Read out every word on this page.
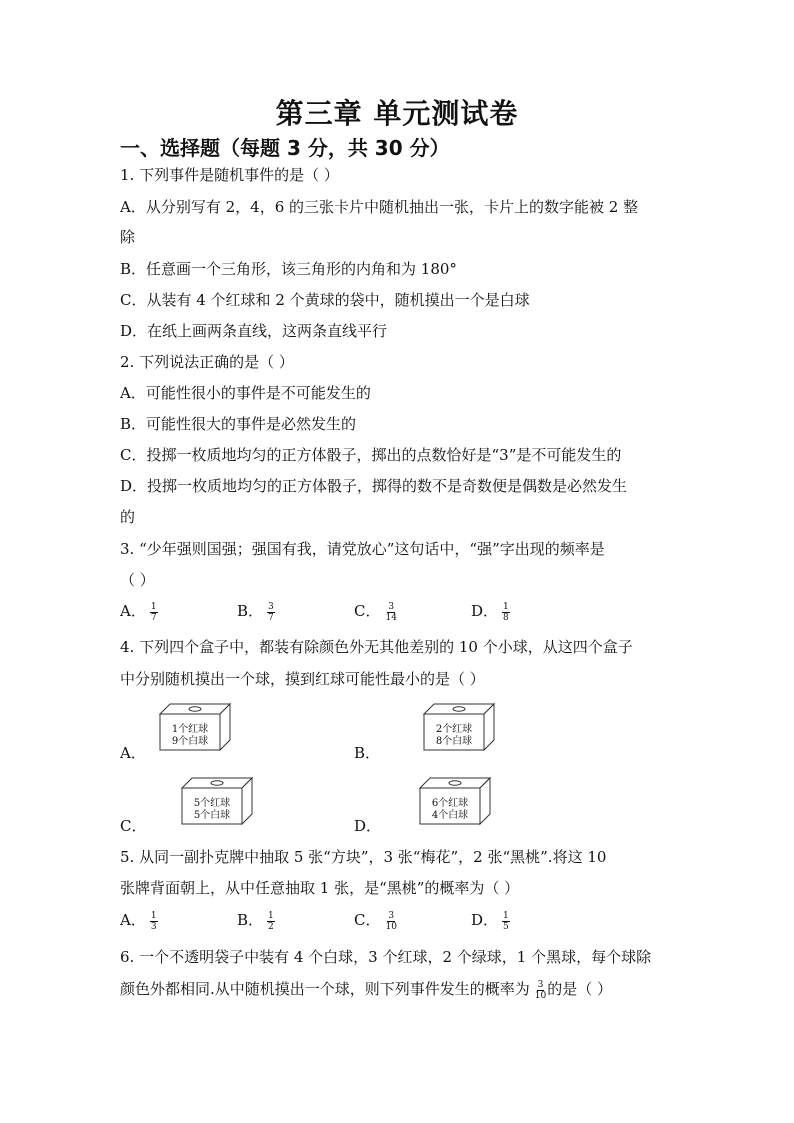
第三章 单元测试卷
一、选择题（每题 3 分，共 30 分）
1. 下列事件是随机事件的是（ ）
A．从分别写有 2，4，6 的三张卡片中随机抽出一张，卡片上的数字能被 2 整
除
B．任意画一个三角形，该三角形的内角和为 180°
C．从装有 4 个红球和 2 个黄球的袋中，随机摸出一个是白球
D．在纸上画两条直线，这两条直线平行
2. 下列说法正确的是（ ）
A．可能性很小的事件是不可能发生的
B．可能性很大的事件是必然发生的
C．投掷一枚质地均匀的正方体骰子，掷出的点数恰好是“3”是不可能发生的
D．投掷一枚质地均匀的正方体骰子，掷得的数不是奇数便是偶数是必然发生
的
3. “少年强则国强；强国有我，请党放心”这句话中，“强”字出现的频率是
（ ）
A． $\frac{1}{7}$	B． $\frac{3}{7}$	C． $\frac{3}{14}$	D． $\frac{1}{8}$
4. 下列四个盒子中，都装有除颜色外无其他差别的 10 个小球，从这四个盒子
中分别随机摸出一个球，摸到红球可能性最小的是（ ）
A．
1个红球
9个白球
B．
2个红球
8个白球
C．
5个红球
5个白球
D．
6个红球
4个白球
5. 从同一副扑克牌中抽取 5 张“方块”，3 张“梅花”，2 张“黑桃”.将这 10
张牌背面朝上，从中任意抽取 1 张，是“黑桃”的概率为（ ）
A． $\frac{1}{3}$	B． $\frac{1}{2}$	C． $\frac{3}{10}$	D． $\frac{1}{5}$
6. 一个不透明袋子中装有 4 个白球，3 个红球，2 个绿球，1 个黑球，每个球除
颜色外都相同.从中随机摸出一个球，则下列事件发生的概率为 $\frac{3}{10}$ 的是（ ）
